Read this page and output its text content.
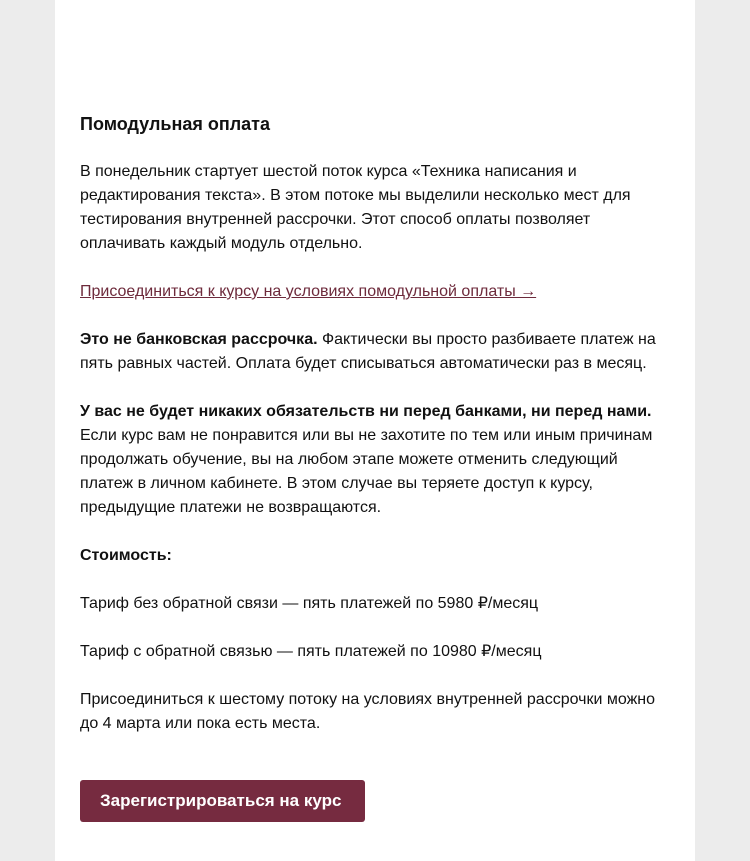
Помодульная оплата

В понедельник стартует шестой поток курса «Техника написания и редактирования текста». В этом потоке мы выделили несколько мест для тестирования внутренней рассрочки. Этот способ оплаты позволяет оплачивать каждый модуль отдельно.

Присоединиться к курсу на условиях помодульной оплаты →

Это не банковская рассрочка. Фактически вы просто разбиваете платеж на пять равных частей. Оплата будет списываться автоматически раз в месяц.

У вас не будет никаких обязательств ни перед банками, ни перед нами. Если курс вам не понравится или вы не захотите по тем или иным причинам продолжать обучение, вы на любом этапе можете отменить следующий платеж в личном кабинете. В этом случае вы теряете доступ к курсу, предыдущие платежи не возвращаются.

Стоимость:

Тариф без обратной связи — пять платежей по 5980 ₽/месяц

Тариф с обратной связью — пять платежей по 10980 ₽/месяц

Присоединиться к шестому потоку на условиях внутренней рассрочки можно до 4 марта или пока есть места.

Зарегистрироваться на курс
